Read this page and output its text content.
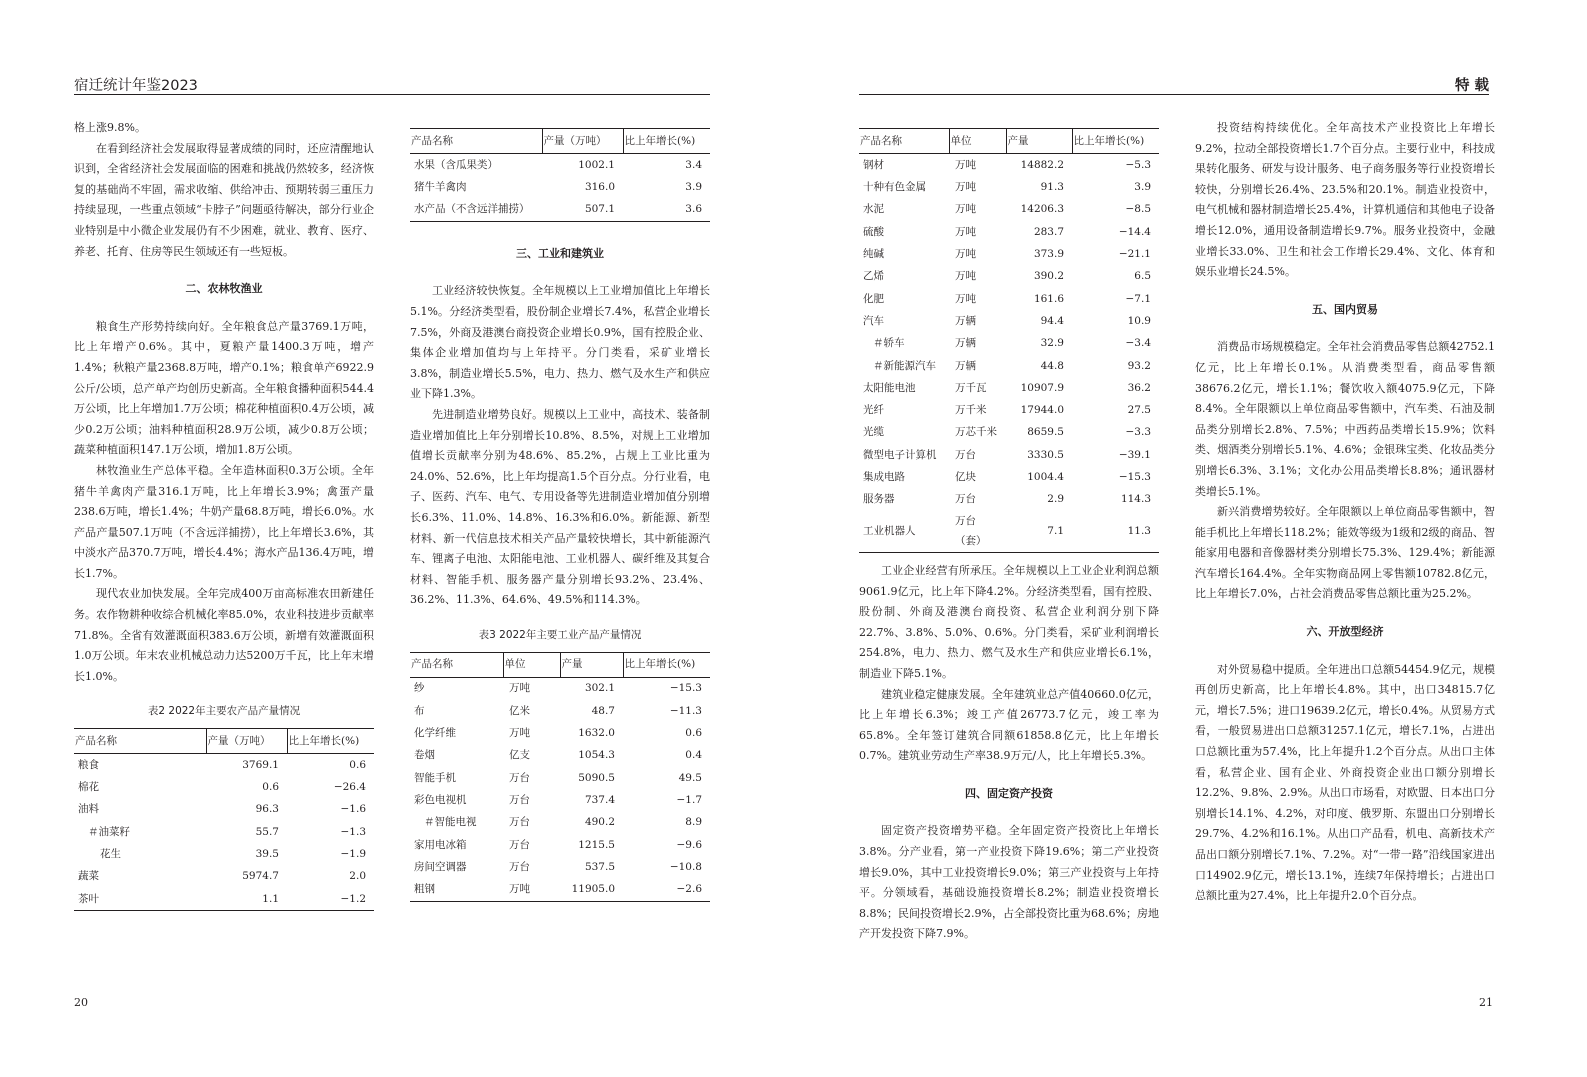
宿迁统计年鉴2023

格上涨9.8%。

在看到经济社会发展取得显著成绩的同时，还应清醒地认识到，全省经济社会发展面临的困难和挑战仍然较多，经济恢复的基础尚不牢固，需求收缩、供给冲击、预期转弱三重压力持续显现，一些重点领域“卡脖子”问题亟待解决，部分行业企业特别是中小微企业发展仍有不少困难，就业、教育、医疗、养老、托育、住房等民生领域还有一些短板。

二、农林牧渔业

粮食生产形势持续向好。全年粮食总产量3769.1万吨，比上年增产0.6%。其中，夏粮产量1400.3万吨，增产1.4%；秋粮产量2368.8万吨，增产0.1%；粮食单产6922.9公斤/公顷，总产单产均创历史新高。全年粮食播种面积544.4万公顷，比上年增加1.7万公顷；棉花种植面积0.4万公顷，减少0.2万公顷；油料种植面积28.9万公顷，减少0.8万公顷；蔬菜种植面积147.1万公顷，增加1.8万公顷。

林牧渔业生产总体平稳。全年造林面积0.3万公顷。全年猪牛羊禽肉产量316.1万吨，比上年增长3.9%；禽蛋产量238.6万吨，增长1.4%；牛奶产量68.8万吨，增长6.0%。水产品产量507.1万吨（不含远洋捕捞），比上年增长3.6%，其中淡水产品370.7万吨，增长4.4%；海水产品136.4万吨，增长1.7%。

现代农业加快发展。全年完成400万亩高标准农田新建任务。农作物耕种收综合机械化率85.0%，农业科技进步贡献率71.8%。全省有效灌溉面积383.6万公顷，新增有效灌溉面积1.0万公顷。年末农业机械总动力达5200万千瓦，比上年末增长1.0%。

表2 2022年主要农产品产量情况
产品名称	产量（万吨）	比上年增长(%)
粮食	3769.1	0.6
棉花	0.6	−26.4
油料	96.3	−1.6
＃油菜籽	55.7	−1.3
花生	39.5	−1.9
蔬菜	5974.7	2.0
茶叶	1.1	−1.2
产品名称	产量（万吨）	比上年增长(%)
水果（含瓜果类）	1002.1	3.4
猪牛羊禽肉	316.0	3.9
水产品（不含远洋捕捞）	507.1	3.6
三、工业和建筑业

工业经济较快恢复。全年规模以上工业增加值比上年增长5.1%。分经济类型看，股份制企业增长7.4%，私营企业增长7.5%，外商及港澳台商投资企业增长0.9%，国有控股企业、集体企业增加值均与上年持平。分门类看，采矿业增长3.8%，制造业增长5.5%，电力、热力、燃气及水生产和供应业下降1.3%。

先进制造业增势良好。规模以上工业中，高技术、装备制造业增加值比上年分别增长10.8%、8.5%，对规上工业增加值增长贡献率分别为48.6%、85.2%，占规上工业比重为24.0%、52.6%，比上年均提高1.5个百分点。分行业看，电子、医药、汽车、电气、专用设备等先进制造业增加值分别增长6.3%、11.0%、14.8%、16.3%和6.0%。新能源、新型材料、新一代信息技术相关产品产量较快增长，其中新能源汽车、锂离子电池、太阳能电池、工业机器人、碳纤维及其复合材料、智能手机、服务器产量分别增长93.2%、23.4%、36.2%、11.3%、64.6%、49.5%和114.3%。

表3 2022年主要工业产品产量情况
产品名称	单位	产量	比上年增长(%)
纱	万吨	302.1	−15.3
布	亿米	48.7	−11.3
化学纤维	万吨	1632.0	0.6
卷烟	亿支	1054.3	0.4
智能手机	万台	5090.5	49.5
彩色电视机	万台	737.4	−1.7
＃智能电视	万台	490.2	8.9
家用电冰箱	万台	1215.5	−9.6
房间空调器	万台	537.5	−10.8
粗钢	万吨	11905.0	−2.6
20
特 载
产品名称	单位	产量	比上年增长(%)
钢材	万吨	14882.2	−5.3
十种有色金属	万吨	91.3	3.9
水泥	万吨	14206.3	−8.5
硫酸	万吨	283.7	−14.4
纯碱	万吨	373.9	−21.1
乙烯	万吨	390.2	6.5
化肥	万吨	161.6	−7.1
汽车	万辆	94.4	10.9
＃轿车	万辆	32.9	−3.4
＃新能源汽车	万辆	44.8	93.2
太阳能电池	万千瓦	10907.9	36.2
光纤	万千米	17944.0	27.5
光缆	万芯千米	8659.5	−3.3
微型电子计算机	万台	3330.5	−39.1
集成电路	亿块	1004.4	−15.3
服务器	万台	2.9	114.3
工业机器人	万台（套）	7.1	11.3

工业企业经营有所承压。全年规模以上工业企业利润总额9061.9亿元，比上年下降4.2%。分经济类型看，国有控股、股份制、外商及港澳台商投资、私营企业利润分别下降22.7%、3.8%、5.0%、0.6%。分门类看，采矿业利润增长254.8%，电力、热力、燃气及水生产和供应业增长6.1%，制造业下降5.1%。

建筑业稳定健康发展。全年建筑业总产值40660.0亿元，比上年增长6.3%；竣工产值26773.7亿元，竣工率为65.8%。全年签订建筑合同额61858.8亿元，比上年增长0.7%。建筑业劳动生产率38.9万元/人，比上年增长5.3%。

四、固定资产投资

固定资产投资增势平稳。全年固定资产投资比上年增长3.8%。分产业看，第一产业投资下降19.6%；第二产业投资增长9.0%，其中工业投资增长9.0%；第三产业投资与上年持平。分领域看，基础设施投资增长8.2%；制造业投资增长8.8%；民间投资增长2.9%，占全部投资比重为68.6%；房地产开发投资下降7.9%。

投资结构持续优化。全年高技术产业投资比上年增长9.2%，拉动全部投资增长1.7个百分点。主要行业中，科技成果转化服务、研发与设计服务、电子商务服务等行业投资增长较快，分别增长26.4%、23.5%和20.1%。制造业投资中，电气机械和器材制造增长25.4%，计算机通信和其他电子设备增长12.0%，通用设备制造增长9.7%。服务业投资中，金融业增长33.0%、卫生和社会工作增长29.4%、文化、体育和娱乐业增长24.5%。

五、国内贸易

消费品市场规模稳定。全年社会消费品零售总额42752.1亿元，比上年增长0.1%。从消费类型看，商品零售额38676.2亿元，增长1.1%；餐饮收入额4075.9亿元，下降8.4%。全年限额以上单位商品零售额中，汽车类、石油及制品类分别增长2.8%、7.5%；中西药品类增长15.9%；饮料类、烟酒类分别增长5.1%、4.6%；金银珠宝类、化妆品类分别增长6.3%、3.1%；文化办公用品类增长8.8%；通讯器材类增长5.1%。

新兴消费增势较好。全年限额以上单位商品零售额中，智能手机比上年增长118.2%；能效等级为1级和2级的商品、智能家用电器和音像器材类分别增长75.3%、129.4%；新能源汽车增长164.4%。全年实物商品网上零售额10782.8亿元，比上年增长7.0%，占社会消费品零售总额比重为25.2%。

六、开放型经济

对外贸易稳中提质。全年进出口总额54454.9亿元，规模再创历史新高，比上年增长4.8%。其中，出口34815.7亿元，增长7.5%；进口19639.2亿元，增长0.4%。从贸易方式看，一般贸易进出口总额31257.1亿元，增长7.1%，占进出口总额比重为57.4%，比上年提升1.2个百分点。从出口主体看，私营企业、国有企业、外商投资企业出口额分别增长12.2%、9.8%、2.9%。从出口市场看，对欧盟、日本出口分别增长14.1%、4.2%，对印度、俄罗斯、东盟出口分别增长29.7%、4.2%和16.1%。从出口产品看，机电、高新技术产品出口额分别增长7.1%、7.2%。对“一带一路”沿线国家进出口14902.9亿元，增长13.1%，连续7年保持增长；占进出口总额比重为27.4%，比上年提升2.0个百分点。

21
